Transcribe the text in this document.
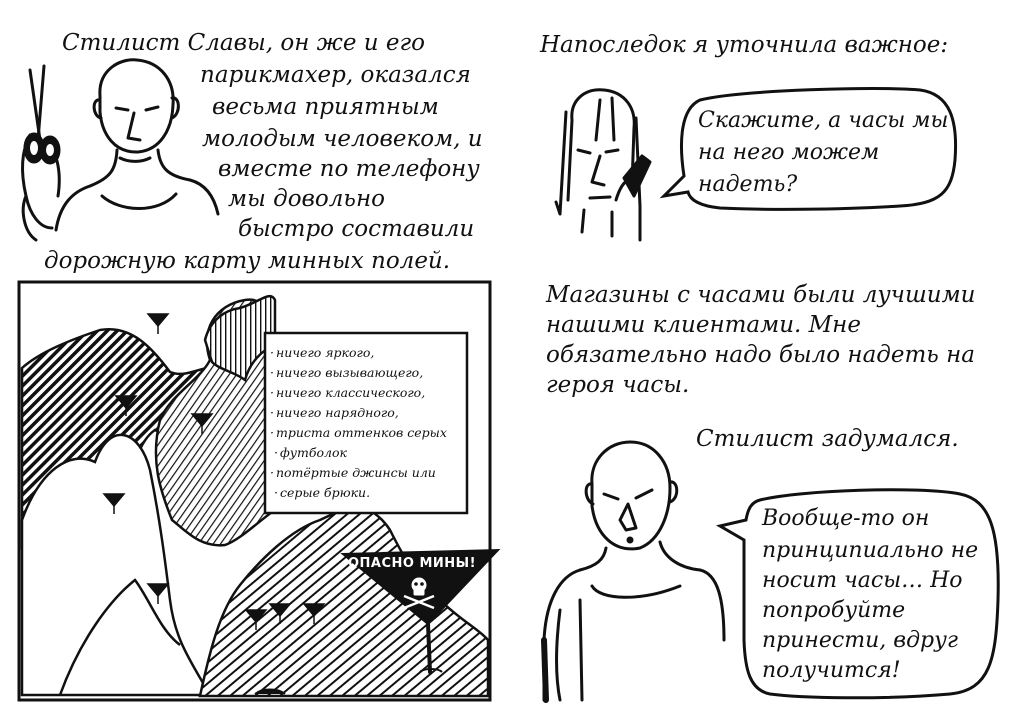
Стилист Славы, он же и его

парикмахер, оказался

весьма приятным

молодым человеком, и

вместе по телефону

мы довольно

быстро составили

дорожную карту минных полей.

· ничего яркого,
· ничего вызывающего,
· ничего классического,
· ничего нарядного,
· триста оттенков серых
· футболок
· потёртые джинсы или
· серые брюки.
ОПАСНО МИНЫ!

Напоследок я уточнила важное:

Скажите, а часы мы

на него можем

надеть?

Магазины с часами были лучшими

нашими клиентами. Мне

обязательно надо было надеть на

героя часы.

Стилист задумался.

Вообще-то он

принципиально не

носит часы… Но

попробуйте

принести, вдруг

получится!
